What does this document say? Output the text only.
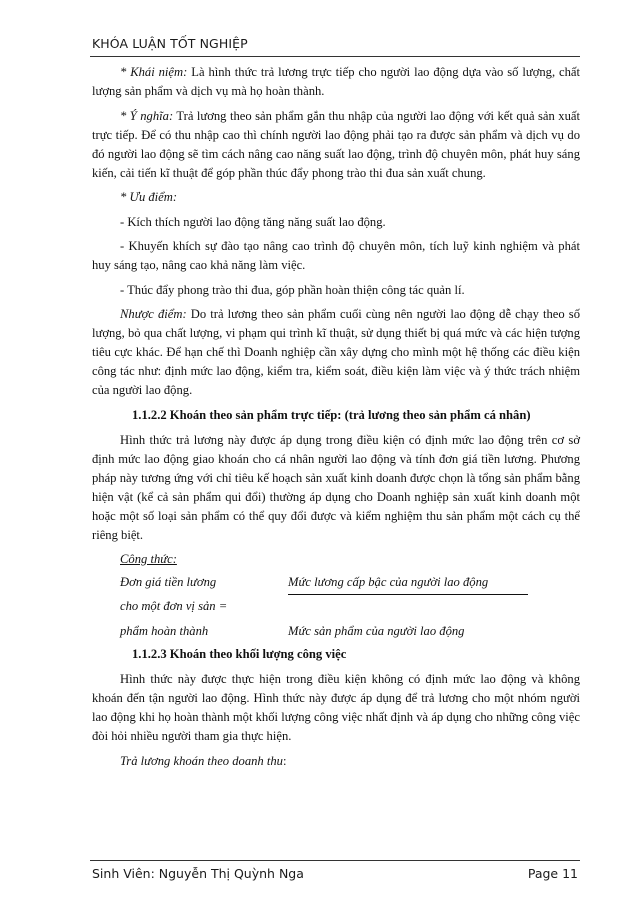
KHÓA LUẬN TỐT NGHIỆP

* Khái niệm: Là hình thức trả lương trực tiếp cho người lao động dựa vào số lượng, chất lượng sản phẩm và dịch vụ mà họ hoàn thành.

* Ý nghĩa: Trả lương theo sản phẩm gắn thu nhập của người lao động với kết quả sản xuất trực tiếp. Để có thu nhập cao thì chính người lao động phải tạo ra được sản phẩm và dịch vụ do đó người lao động sẽ tìm cách nâng cao năng suất lao động, trình độ chuyên môn, phát huy sáng kiến, cải tiến kĩ thuật để góp phần thúc đẩy phong trào thi đua sản xuất chung.

* Ưu điểm:

- Kích thích người lao động tăng năng suất lao động.

- Khuyến khích sự đào tạo nâng cao trình độ chuyên môn, tích luỹ kinh nghiệm và phát huy sáng tạo, nâng cao khả năng làm việc.

- Thúc đẩy phong trào thi đua, góp phần hoàn thiện công tác quản lí.

Nhược điểm: Do trả lương theo sản phẩm cuối cùng nên người lao động dễ chạy theo số lượng, bỏ qua chất lượng, vi phạm qui trình kĩ thuật, sử dụng thiết bị quá mức và các hiện tượng tiêu cực khác. Để hạn chế thì Doanh nghiệp cần xây dựng cho mình một hệ thống các điều kiện công tác như: định mức lao động, kiểm tra, kiểm soát, điều kiện làm việc và ý thức trách nhiệm của người lao động.

1.1.2.2 Khoán theo sản phẩm trực tiếp: (trả lương theo sản phẩm cá nhân)

Hình thức trả lương này được áp dụng trong điều kiện có định mức lao động trên cơ sở định mức lao động giao khoán cho cá nhân người lao động và tính đơn giá tiền lương. Phương pháp này tương ứng với chỉ tiêu kế hoạch sản xuất kinh doanh được chọn là tổng sản phẩm bằng hiện vật (kể cả sản phẩm qui đổi) thường áp dụng cho Doanh nghiệp sản xuất kinh doanh một hoặc một số loại sản phẩm có thể quy đổi được và kiểm nghiệm thu sản phẩm một cách cụ thể riêng biệt.

Công thức:

Đơn giá tiền lương
cho một đơn vị sản =
phẩm hoàn thành
Mức lương cấp bậc của người lao động
Mức sản phẩm của người lao động

1.1.2.3 Khoán theo khối lượng công việc

Hình thức này được thực hiện trong điều kiện không có định mức lao động và không khoán đến tận người lao động. Hình thức này được áp dụng để trả lương cho một nhóm người lao động khi họ hoàn thành một khối lượng công việc nhất định và áp dụng cho những công việc đòi hỏi nhiều người tham gia thực hiện.

Trả lương khoán theo doanh thu:

Sinh Viên: Nguyễn Thị Quỳnh Nga	Page 11
